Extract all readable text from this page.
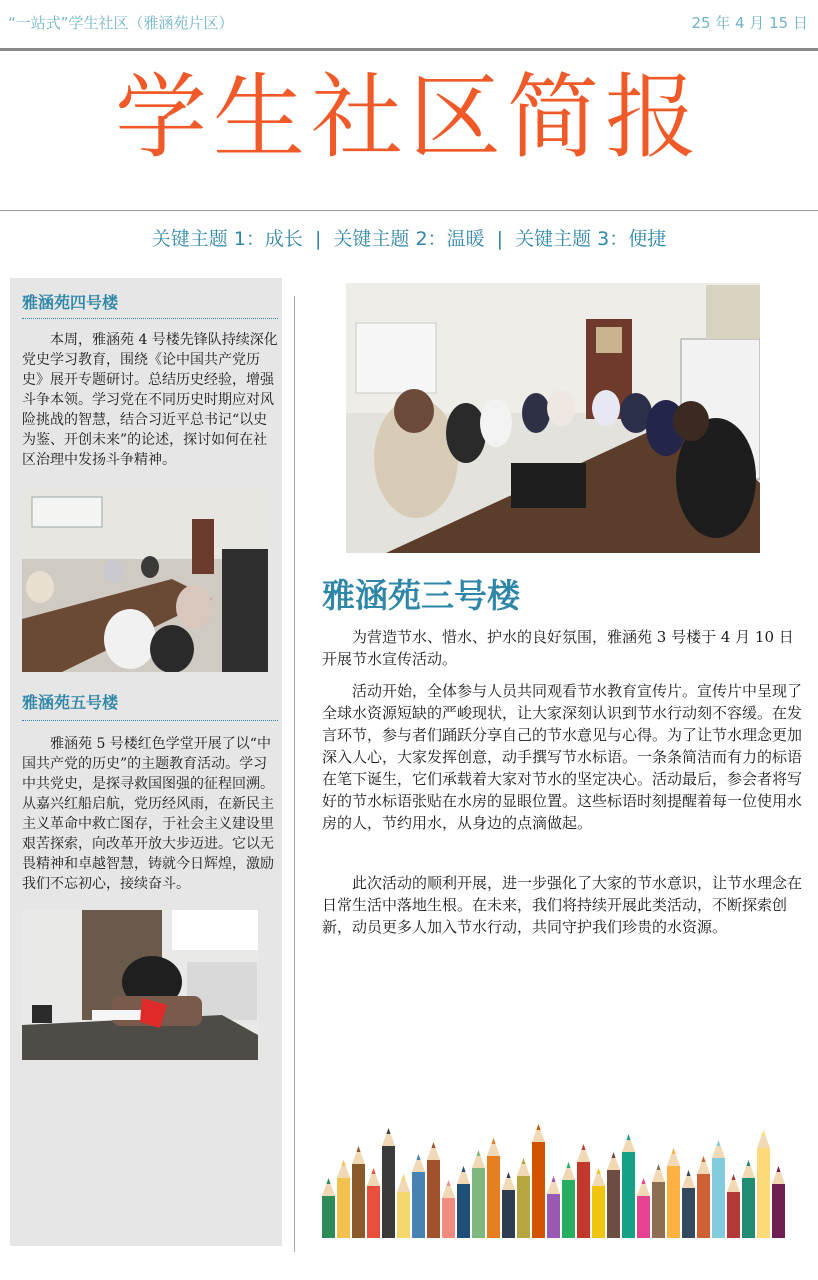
“一站式”学生社区（雅涵苑片区）	25 年 4 月 15 日
学生社区简报
关键主题 1：成长 | 关键主题 2：温暖 | 关键主题 3：便捷
雅涵苑四号楼
本周，雅涵苑 4 号楼先锋队持续深化党史学习教育，围绕《论中国共产党历史》展开专题研讨。总结历史经验，增强斗争本领。学习党在不同历史时期应对风险挑战的智慧，结合习近平总书记“以史为鉴、开创未来”的论述，探讨如何在社区治理中发扬斗争精神。
雅涵苑五号楼
雅涵苑 5 号楼红色学堂开展了以“中国共产党的历史”的主题教育活动。学习中共党史，是探寻救国图强的征程回溯。从嘉兴红船启航，党历经风雨，在新民主主义革命中救亡图存，于社会主义建设里艰苦探索，向改革开放大步迈进。它以无畏精神和卓越智慧，铸就今日辉煌，激励我们不忘初心，接续奋斗。
雅涵苑三号楼

为营造节水、惜水、护水的良好氛围，雅涵苑 3 号楼于 4 月 10 日开展节水宣传活动。

活动开始，全体参与人员共同观看节水教育宣传片。宣传片中呈现了全球水资源短缺的严峻现状，让大家深刻认识到节水行动刻不容缓。在发言环节，参与者们踊跃分享自己的节水意见与心得。为了让节水理念更加深入人心，大家发挥创意，动手撰写节水标语。一条条简洁而有力的标语在笔下诞生，它们承载着大家对节水的坚定决心。活动最后，参会者将写好的节水标语张贴在水房的显眼位置。这些标语时刻提醒着每一位使用水房的人，节约用水，从身边的点滴做起。

此次活动的顺利开展，进一步强化了大家的节水意识，让节水理念在日常生活中落地生根。在未来，我们将持续开展此类活动，不断探索创新，动员更多人加入节水行动，共同守护我们珍贵的水资源。
